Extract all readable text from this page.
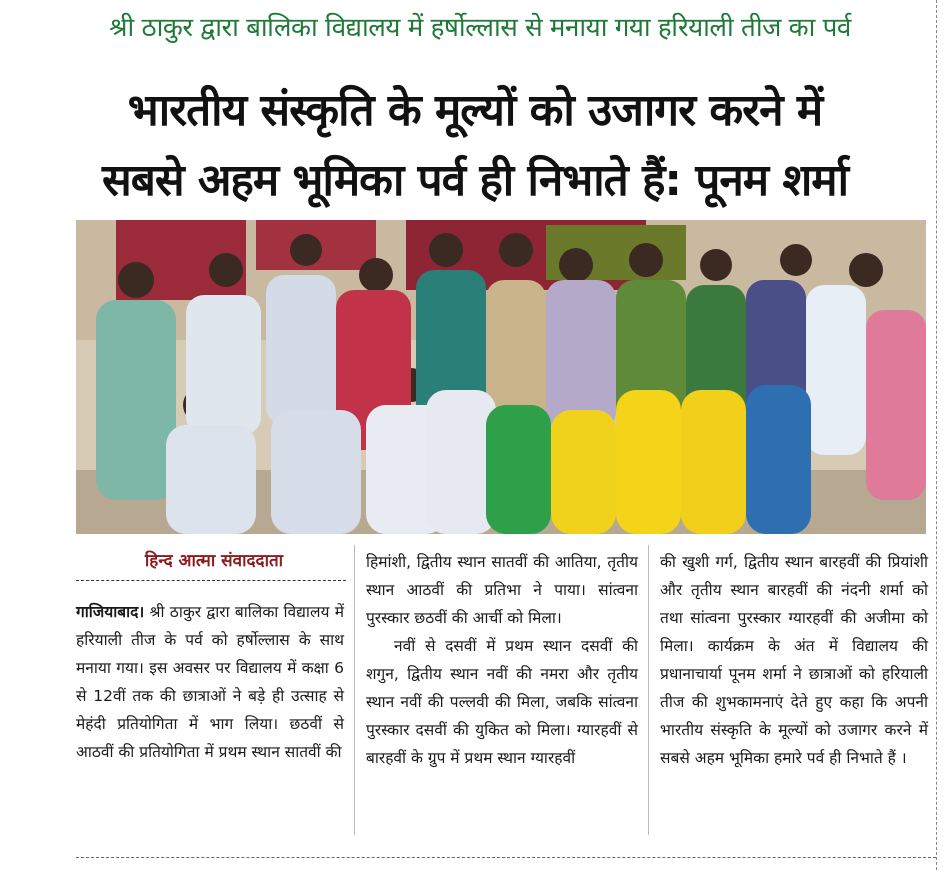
श्री ठाकुर द्वारा बालिका विद्यालय में हर्षोल्लास से मनाया गया हरियाली तीज का पर्व
भारतीय संस्कृति के मूल्यों को उजागर करने में
सबसे अहम भूमिका पर्व ही निभाते हैं: पूनम शर्मा
हिन्द आत्मा संवाददाता

गाजियाबाद। श्री ठाकुर द्वारा बालिका विद्यालय में हरियाली तीज के पर्व को हर्षोल्लास के साथ मनाया गया। इस अवसर पर विद्यालय में कक्षा 6 से 12वीं तक की छात्राओं ने बड़े ही उत्साह से मेहंदी प्रतियोगिता में भाग लिया। छठवीं से आठवीं की प्रतियोगिता में प्रथम स्थान सातवीं की

हिमांशी, द्वितीय स्थान सातवीं की आतिया, तृतीय स्थान आठवीं की प्रतिभा ने पाया। सांत्वना पुरस्कार छठवीं की आर्ची को मिला।

नवीं से दसवीं में प्रथम स्थान दसवीं की शगुन, द्वितीय स्थान नवीं की नमरा और तृतीय स्थान नवीं की पल्लवी की मिला, जबकि सांत्वना पुरस्कार दसवीं की युकित को मिला। ग्यारहवीं से बारहवीं के ग्रुप में प्रथम स्थान ग्यारहवीं

की खुशी गर्ग, द्वितीय स्थान बारहवीं की प्रियांशी और तृतीय स्थान बारहवीं की नंदनी शर्मा को तथा सांत्वना पुरस्कार ग्यारहवीं की अजीमा को मिला। कार्यक्रम के अंत में विद्यालय की प्रधानाचार्या पूनम शर्मा ने छात्राओं को हरियाली तीज की शुभकामनाएं देते हुए कहा कि अपनी भारतीय संस्कृति के मूल्यों को उजागर करने में सबसे अहम भूमिका हमारे पर्व ही निभाते हैं ।
